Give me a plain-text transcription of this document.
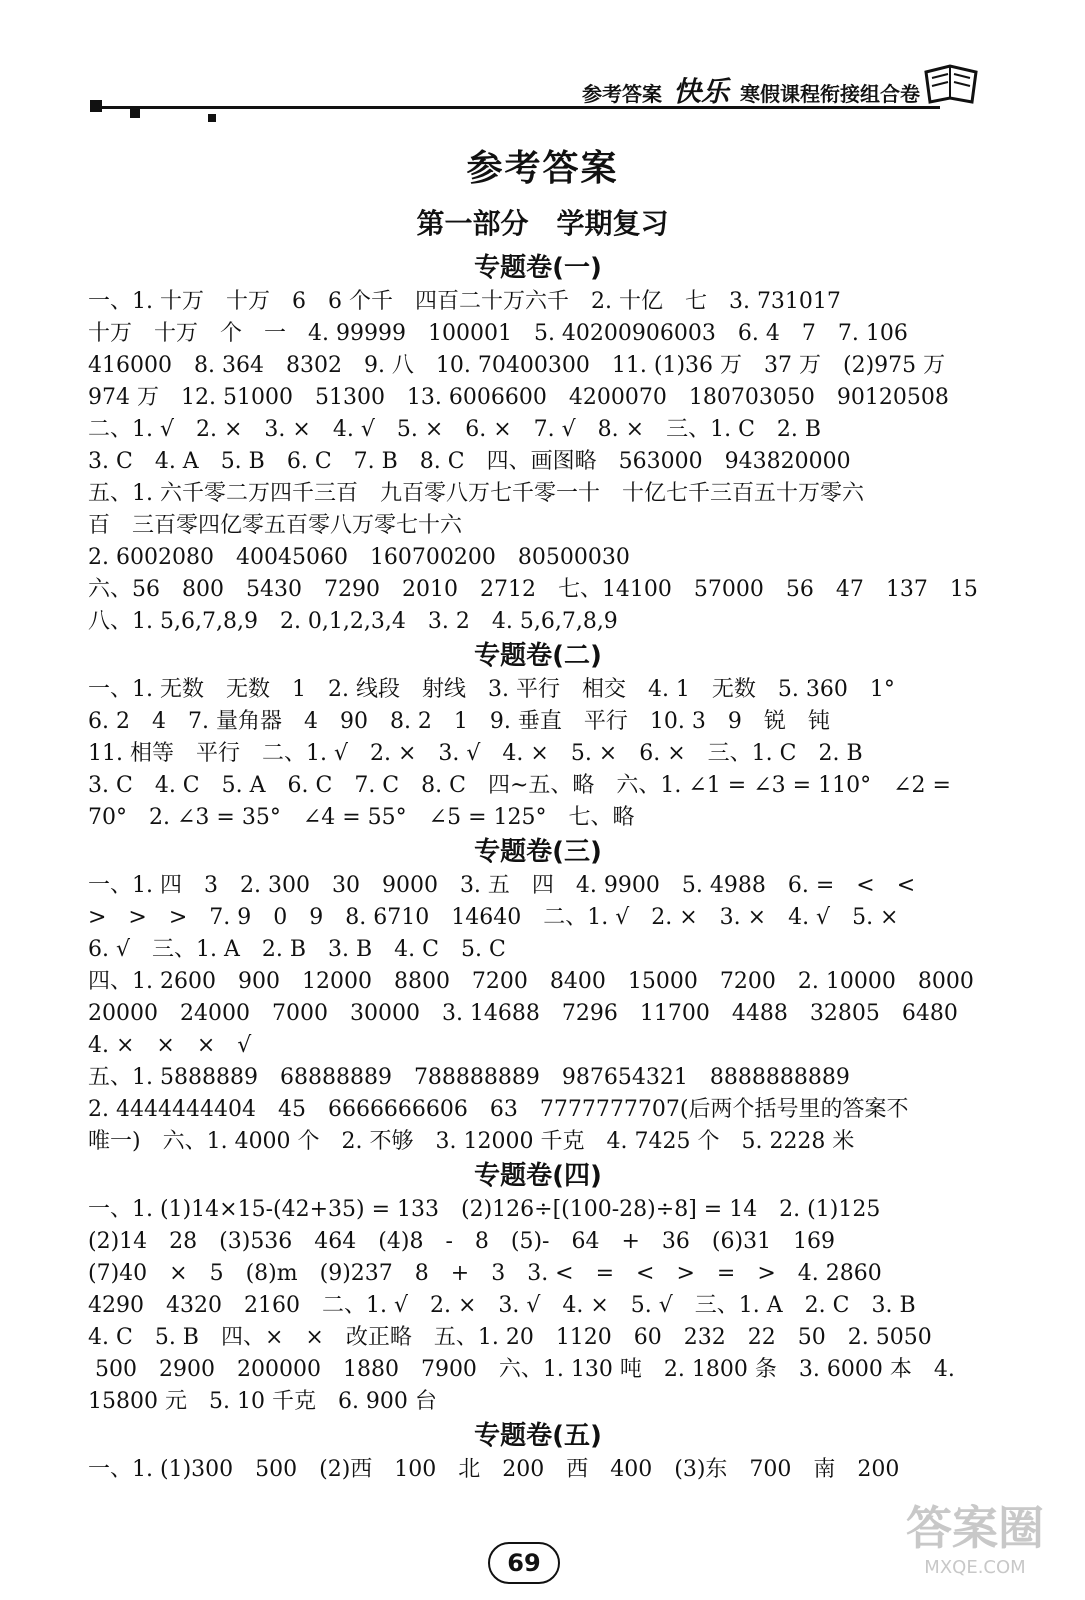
参考答案 快乐 寒假课程衔接组合卷
参考答案
第一部分　学期复习
专题卷(一)
一、1. 十万　十万　6　6 个千　四百二十万六千　2. 十亿　七　3. 731017
十万　十万　个　一　4. 99999　100001　5. 40200906003　6. 4　7　7. 106
416000　8. 364　8302　9. 八　10. 70400300　11. (1)36 万　37 万　(2)975 万
974 万　12. 51000　51300　13. 6006600　4200070　180703050　90120508
二、1. √　2. ×　3. ×　4. √　5. ×　6. ×　7. √　8. ×　三、1. C　2. B
3. C　4. A　5. B　6. C　7. B　8. C　四、画图略　563000　943820000
五、1. 六千零二万四千三百　九百零八万七千零一十　十亿七千三百五十万零六
百　三百零四亿零五百零八万零七十六
2. 6002080　40045060　160700200　80500030
六、56　800　5430　7290　2010　2712　七、14100　57000　56　47　137　15
八、1. 5,6,7,8,9　2. 0,1,2,3,4　3. 2　4. 5,6,7,8,9
专题卷(二)
一、1. 无数　无数　1　2. 线段　射线　3. 平行　相交　4. 1　无数　5. 360　1°
6. 2　4　7. 量角器　4　90　8. 2　1　9. 垂直　平行　10. 3　9　锐　钝
11. 相等　平行　二、1. √　2. ×　3. √　4. ×　5. ×　6. ×　三、1. C　2. B
3. C　4. C　5. A　6. C　7. C　8. C　四~五、略　六、1. ∠1 = ∠3 = 110°　∠2 =
70°　2. ∠3 = 35°　∠4 = 55°　∠5 = 125°　七、略
专题卷(三)
一、1. 四　3　2. 300　30　9000　3. 五　四　4. 9900　5. 4988　6. =　<　<
>　>　>　7. 9　0　9　8. 6710　14640　二、1. √　2. ×　3. ×　4. √　5. ×
6. √　三、1. A　2. B　3. B　4. C　5. C
四、1. 2600　900　12000　8800　7200　8400　15000　7200　2. 10000　8000
20000　24000　7000　30000　3. 14688　7296　11700　4488　32805　6480
4. ×　×　×　√
五、1. 5888889　68888889　788888889　987654321　8888888889
2. 4444444404　45　6666666606　63　7777777707(后两个括号里的答案不
唯一)　六、1. 4000 个　2. 不够　3. 12000 千克　4. 7425 个　5. 2228 米
专题卷(四)
一、1. (1)14×15-(42+35) = 133　(2)126÷[(100-28)÷8] = 14　2. (1)125
(2)14　28　(3)536　464　(4)8　-　8　(5)-　64　+　36　(6)31　169
(7)40　×　5　(8)m　(9)237　8　+　3　3. <　=　<　>　=　>　4. 2860
4290　4320　2160　二、1. √　2. ×　3. √　4. ×　5. √　三、1. A　2. C　3. B
4. C　5. B　四、×　×　改正略　五、1. 20　1120　60　232　22　50　2. 5050
500　2900　200000　1880　7900　六、1. 130 吨　2. 1800 条　3. 6000 本　4.
15800 元　5. 10 千克　6. 900 台
专题卷(五)
一、1. (1)300　500　(2)西　100　北　200　西　400　(3)东　700　南　200
69
答案圈
MXQE.COM
